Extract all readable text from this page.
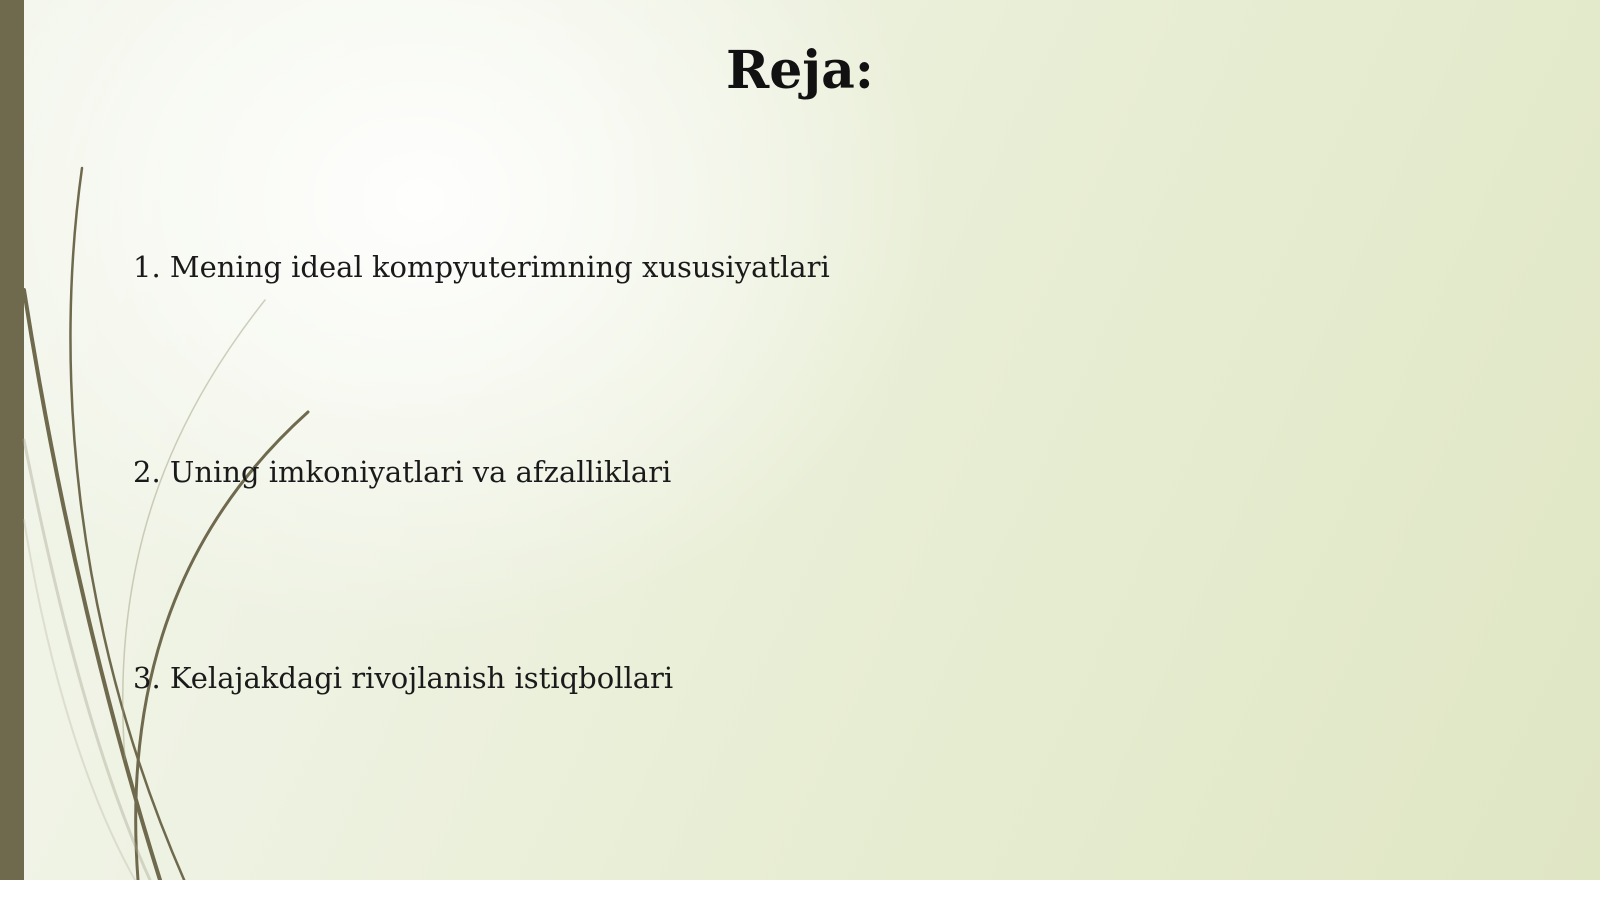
Reja:
1. Mening ideal kompyuterimning xususiyatlari
2. Uning imkoniyatlari va afzalliklari
3. Kelajakdagi rivojlanish istiqbollari
